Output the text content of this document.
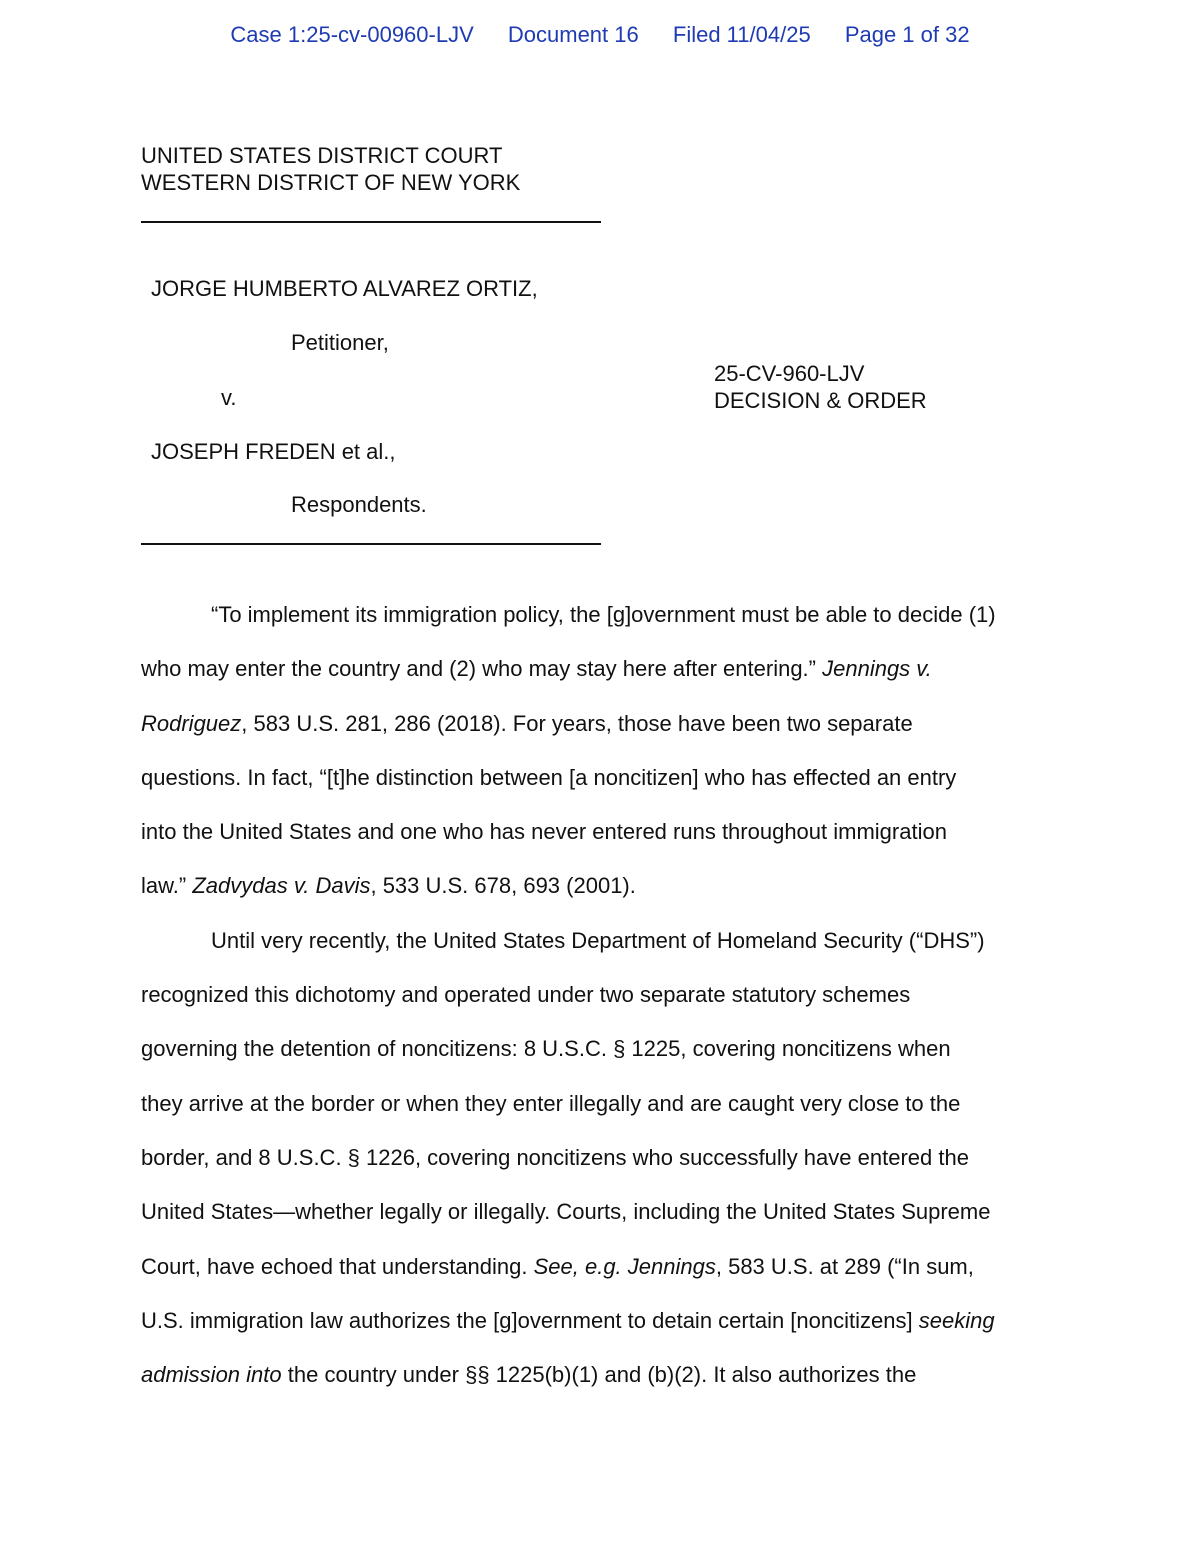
Case 1:25-cv-00960-LJV Document 16 Filed 11/04/25 Page 1 of 32
UNITED STATES DISTRICT COURT
WESTERN DISTRICT OF NEW YORK
JORGE HUMBERTO ALVAREZ ORTIZ,
Petitioner,
v.
JOSEPH FREDEN et al.,
Respondents.
25-CV-960-LJV
DECISION & ORDER
“To implement its immigration policy, the [g]overnment must be able to decide (1)
who may enter the country and (2) who may stay here after entering.” Jennings v.
Rodriguez, 583 U.S. 281, 286 (2018). For years, those have been two separate
questions. In fact, “[t]he distinction between [a noncitizen] who has effected an entry
into the United States and one who has never entered runs throughout immigration
law.” Zadvydas v. Davis, 533 U.S. 678, 693 (2001).
Until very recently, the United States Department of Homeland Security (“DHS”)
recognized this dichotomy and operated under two separate statutory schemes
governing the detention of noncitizens: 8 U.S.C. § 1225, covering noncitizens when
they arrive at the border or when they enter illegally and are caught very close to the
border, and 8 U.S.C. § 1226, covering noncitizens who successfully have entered the
United States—whether legally or illegally. Courts, including the United States Supreme
Court, have echoed that understanding. See, e.g. Jennings, 583 U.S. at 289 (“In sum,
U.S. immigration law authorizes the [g]overnment to detain certain [noncitizens] seeking
admission into the country under §§ 1225(b)(1) and (b)(2). It also authorizes the
